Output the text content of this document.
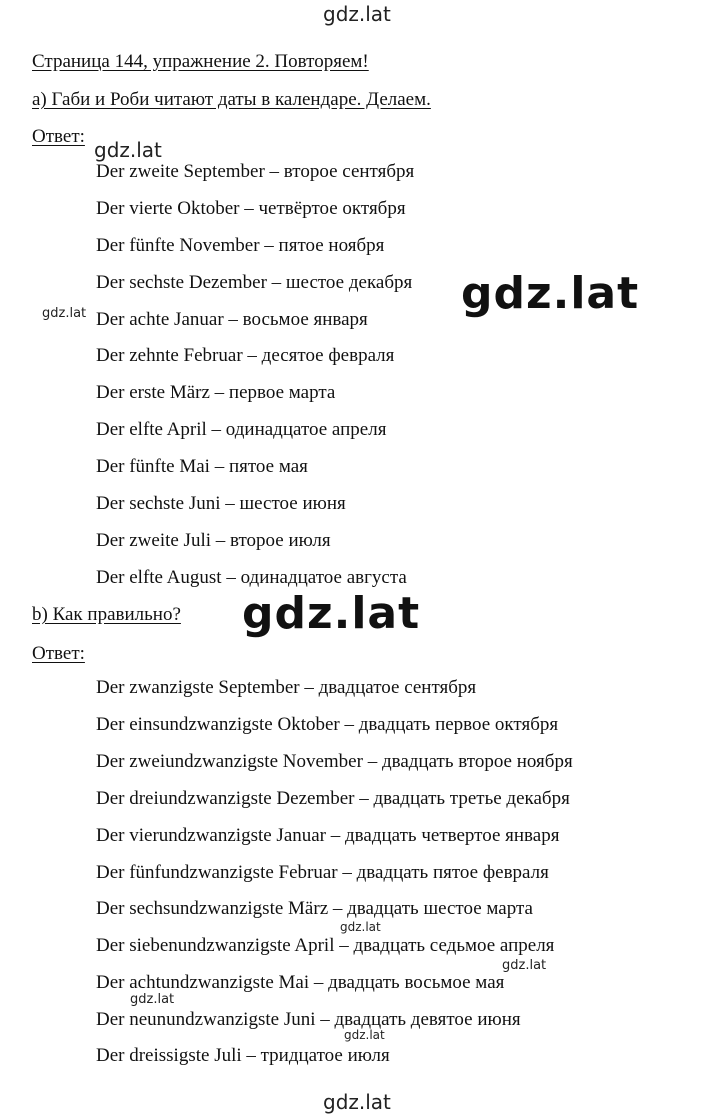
gdz.lat
Страница 144, упражнение 2. Повторяем!
a) Габи и Роби читают даты в календаре. Делаем.
Ответ:
gdz.lat
Der zweite September – второе сентября
Der vierte Oktober – четвёртое октября
Der fünfte November – пятое ноября
Der sechste Dezember – шестое декабря
Der achte Januar – восьмое января
Der zehnte Februar – десятое февраля
Der erste März – первое марта
Der elfte April – одинадцатое апреля
Der fünfte Mai – пятое мая
Der sechste Juni – шестое июня
Der zweite Juli – второе июля
Der elfte August – одинадцатое августа
gdz.lat
gdz.lat
b) Как правильно? gdz.lat
Ответ:
Der zwanzigste September – двадцатое сентября
Der einsundzwanzigste Oktober – двадцать первое октября
Der zweiundzwanzigste November – двадцать второе ноября
Der dreiundzwanzigste Dezember – двадцать третье декабря
Der vierundzwanzigste Januar – двадцать четвертое января
Der fünfundzwanzigste Februar – двадцать пятое февраля
Der sechsundzwanzigste März – двадцать шестое марта
Der siebenundzwanzigste April – двадцать седьмое апреля
Der achtundzwanzigste Mai – двадцать восьмое мая
Der neunundzwanzigste Juni – двадцать девятое июня
Der dreissigste Juli – тридцатое июля
gdz.lat
gdz.lat
gdz.lat
gdz.lat
gdz.lat
